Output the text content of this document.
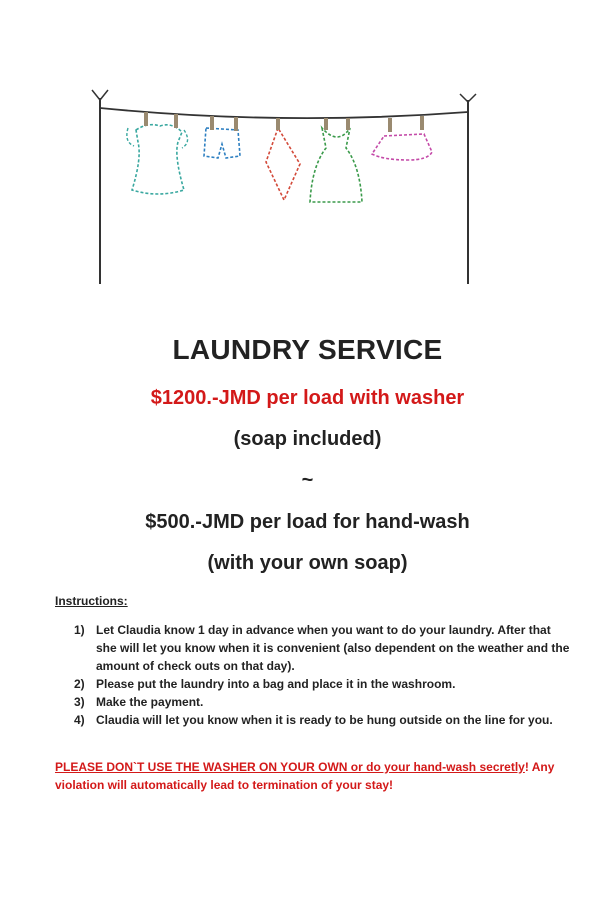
LAUNDRY SERVICE
$1200.-JMD per load with washer
(soap included)
~
$500.-JMD per load for hand-wash
(with your own soap)
Instructions:
1) Let Claudia know 1 day in advance when you want to do your laundry. After that she will let you know when it is convenient (also dependent on the weather and the amount of check outs on that day).
2) Please put the laundry into a bag and place it in the washroom.
3) Make the payment.
4) Claudia will let you know when it is ready to be hung outside on the line for you.
PLEASE DON`T USE THE WASHER ON YOUR OWN or do your hand-wash secretly! Any violation will automatically lead to termination of your stay!
